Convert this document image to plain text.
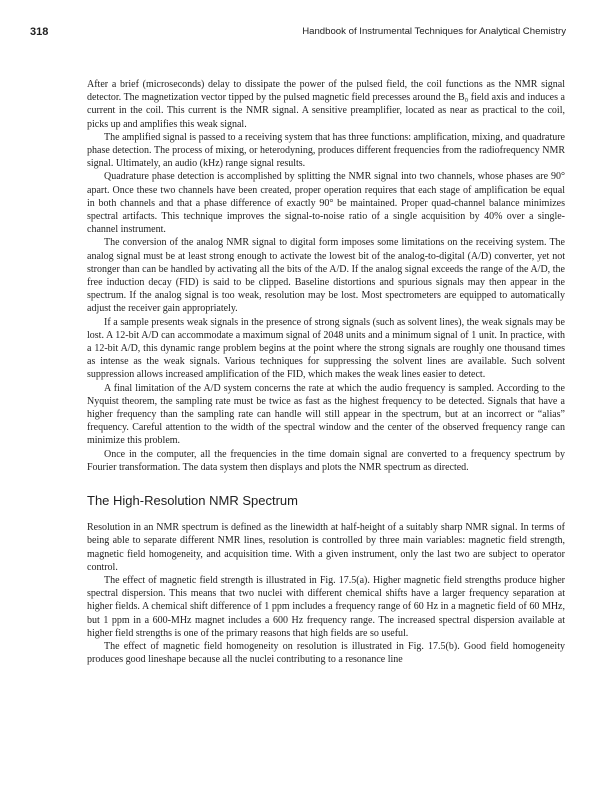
318	Handbook of Instrumental Techniques for Analytical Chemistry

After a brief (microseconds) delay to dissipate the power of the pulsed field, the coil functions as the NMR signal detector. The magnetization vector tipped by the pulsed magnetic field precesses around the B₀ field axis and induces a current in the coil. This current is the NMR signal. A sensitive preamplifier, located as near as practical to the coil, picks up and amplifies this weak signal.

The amplified signal is passed to a receiving system that has three functions: amplification, mixing, and quadrature phase detection. The process of mixing, or heterodyning, produces different frequencies from the radiofrequency NMR signal. Ultimately, an audio (kHz) range signal results.

Quadrature phase detection is accomplished by splitting the NMR signal into two channels, whose phases are 90° apart. Once these two channels have been created, proper operation requires that each stage of amplification be equal in both channels and that a phase difference of exactly 90° be maintained. Proper quad-channel balance minimizes spectral artifacts. This technique improves the signal-to-noise ratio of a single acquisition by 40% over a single-channel instrument.

The conversion of the analog NMR signal to digital form imposes some limitations on the receiving system. The analog signal must be at least strong enough to activate the lowest bit of the analog-to-digital (A/D) converter, yet not stronger than can be handled by activating all the bits of the A/D. If the analog signal exceeds the range of the A/D, the free induction decay (FID) is said to be clipped. Baseline distortions and spurious signals may then appear in the spectrum. If the analog signal is too weak, resolution may be lost. Most spectrometers are equipped to automatically adjust the receiver gain appropriately.

If a sample presents weak signals in the presence of strong signals (such as solvent lines), the weak signals may be lost. A 12-bit A/D can accommodate a maximum signal of 2048 units and a minimum signal of 1 unit. In practice, with a 12-bit A/D, this dynamic range problem begins at the point where the strong signals are roughly one thousand times as intense as the weak signals. Various techniques for suppressing the solvent lines are available. Such solvent suppression allows increased amplification of the FID, which makes the weak lines easier to detect.

A final limitation of the A/D system concerns the rate at which the audio frequency is sampled. According to the Nyquist theorem, the sampling rate must be twice as fast as the highest frequency to be detected. Signals that have a higher frequency than the sampling rate can handle will still appear in the spectrum, but at an incorrect or “alias” frequency. Careful attention to the width of the spectral window and the center of the observed frequency range can minimize this problem.

Once in the computer, all the frequencies in the time domain signal are converted to a frequency spectrum by Fourier transformation. The data system then displays and plots the NMR spectrum as directed.

The High-Resolution NMR Spectrum

Resolution in an NMR spectrum is defined as the linewidth at half-height of a suitably sharp NMR signal. In terms of being able to separate different NMR lines, resolution is controlled by three main variables: magnetic field strength, magnetic field homogeneity, and acquisition time. With a given instrument, only the last two are subject to operator control.

The effect of magnetic field strength is illustrated in Fig. 17.5(a). Higher magnetic field strengths produce higher spectral dispersion. This means that two nuclei with different chemical shifts have a larger frequency separation at higher fields. A chemical shift difference of 1 ppm includes a frequency range of 60 Hz in a magnetic field of 60 MHz, but 1 ppm in a 600-MHz magnet includes a 600 Hz frequency range. The increased spectral dispersion available at higher field strengths is one of the primary reasons that high fields are so useful.

The effect of magnetic field homogeneity on resolution is illustrated in Fig. 17.5(b). Good field homogeneity produces good lineshape because all the nuclei contributing to a resonance line
